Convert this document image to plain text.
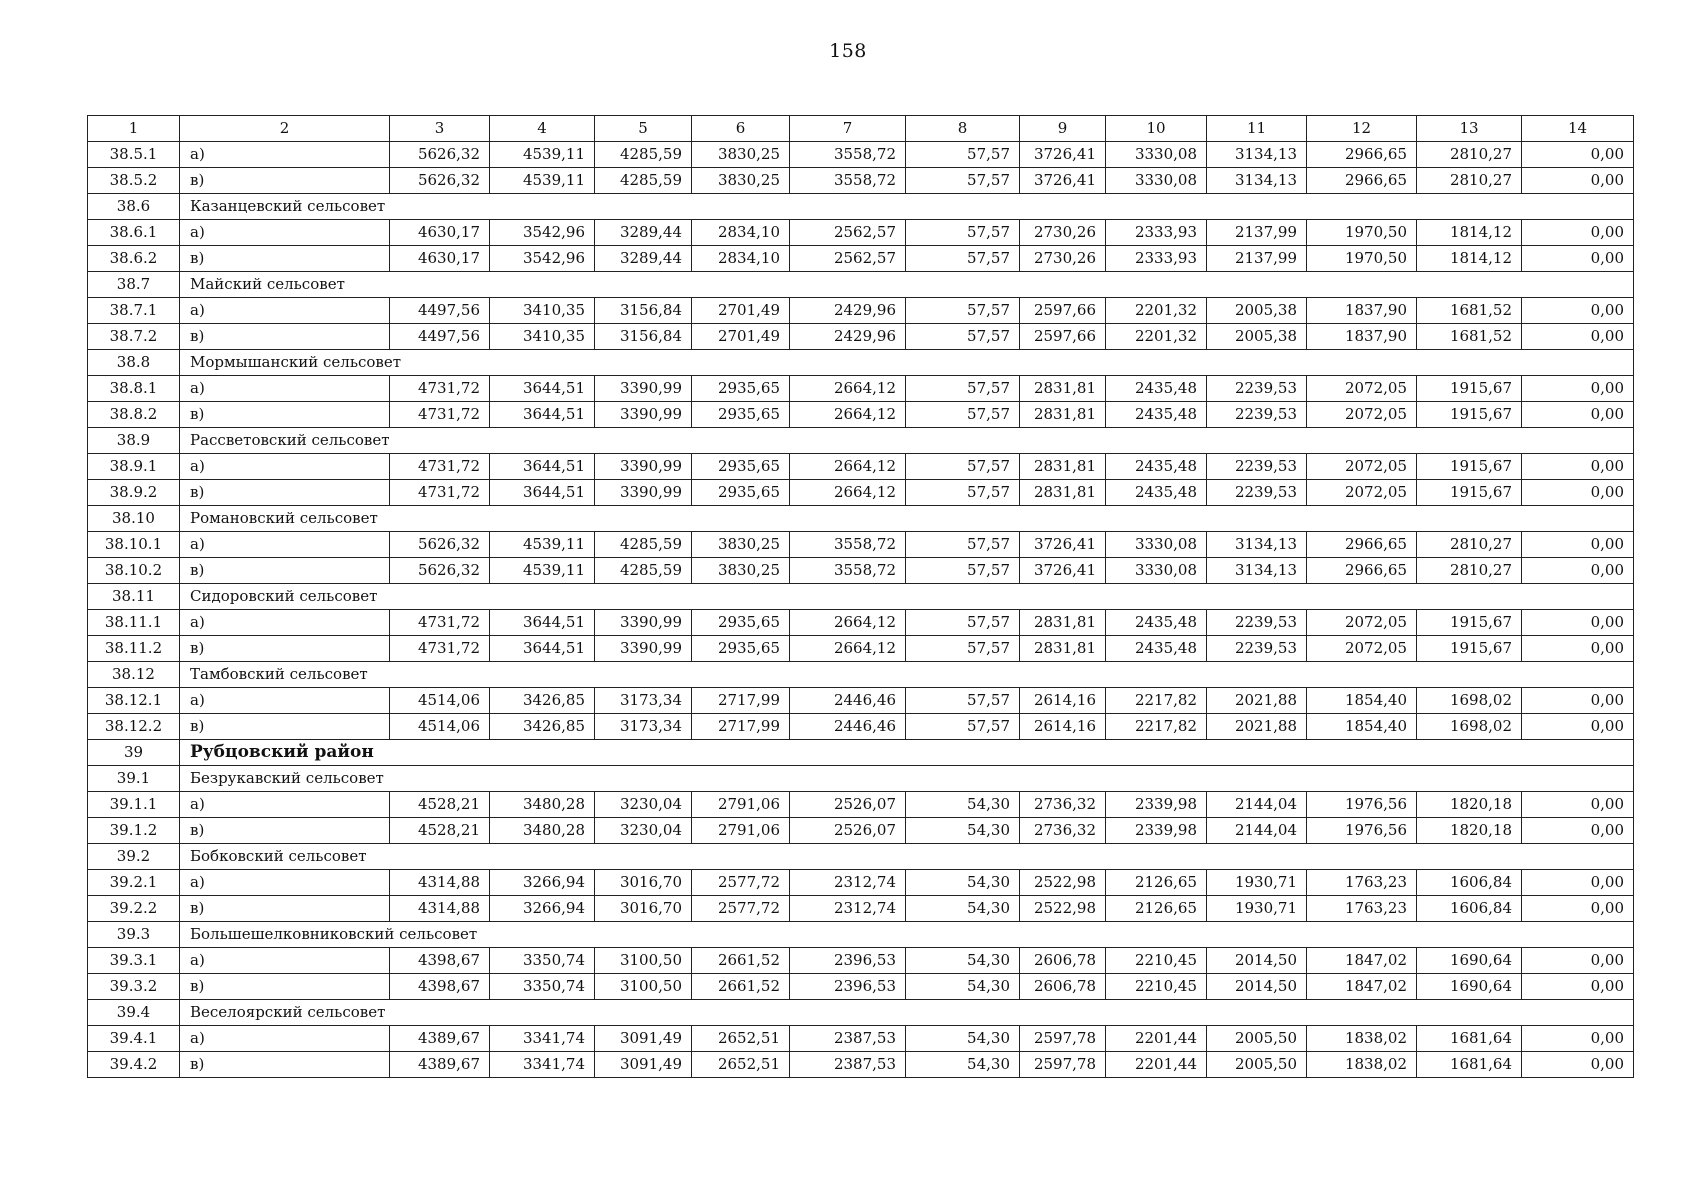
158
1	2	3	4	5	6	7	8	9	10	11	12	13	14
38.5.1	а)	5626,32	4539,11	4285,59	3830,25	3558,72	57,57	3726,41	3330,08	3134,13	2966,65	2810,27	0,00
38.5.2	в)	5626,32	4539,11	4285,59	3830,25	3558,72	57,57	3726,41	3330,08	3134,13	2966,65	2810,27	0,00
38.6	Казанцевский сельсовет												
38.6.1	а)	4630,17	3542,96	3289,44	2834,10	2562,57	57,57	2730,26	2333,93	2137,99	1970,50	1814,12	0,00
38.6.2	в)	4630,17	3542,96	3289,44	2834,10	2562,57	57,57	2730,26	2333,93	2137,99	1970,50	1814,12	0,00
38.7	Майский сельсовет												
38.7.1	а)	4497,56	3410,35	3156,84	2701,49	2429,96	57,57	2597,66	2201,32	2005,38	1837,90	1681,52	0,00
38.7.2	в)	4497,56	3410,35	3156,84	2701,49	2429,96	57,57	2597,66	2201,32	2005,38	1837,90	1681,52	0,00
38.8	Мормышанский сельсовет												
38.8.1	а)	4731,72	3644,51	3390,99	2935,65	2664,12	57,57	2831,81	2435,48	2239,53	2072,05	1915,67	0,00
38.8.2	в)	4731,72	3644,51	3390,99	2935,65	2664,12	57,57	2831,81	2435,48	2239,53	2072,05	1915,67	0,00
38.9	Рассветовский сельсовет												
38.9.1	а)	4731,72	3644,51	3390,99	2935,65	2664,12	57,57	2831,81	2435,48	2239,53	2072,05	1915,67	0,00
38.9.2	в)	4731,72	3644,51	3390,99	2935,65	2664,12	57,57	2831,81	2435,48	2239,53	2072,05	1915,67	0,00
38.10	Романовский сельсовет												
38.10.1	а)	5626,32	4539,11	4285,59	3830,25	3558,72	57,57	3726,41	3330,08	3134,13	2966,65	2810,27	0,00
38.10.2	в)	5626,32	4539,11	4285,59	3830,25	3558,72	57,57	3726,41	3330,08	3134,13	2966,65	2810,27	0,00
38.11	Сидоровский сельсовет												
38.11.1	а)	4731,72	3644,51	3390,99	2935,65	2664,12	57,57	2831,81	2435,48	2239,53	2072,05	1915,67	0,00
38.11.2	в)	4731,72	3644,51	3390,99	2935,65	2664,12	57,57	2831,81	2435,48	2239,53	2072,05	1915,67	0,00
38.12	Тамбовский сельсовет												
38.12.1	а)	4514,06	3426,85	3173,34	2717,99	2446,46	57,57	2614,16	2217,82	2021,88	1854,40	1698,02	0,00
38.12.2	в)	4514,06	3426,85	3173,34	2717,99	2446,46	57,57	2614,16	2217,82	2021,88	1854,40	1698,02	0,00
39	Рубцовский район												
39.1	Безрукавский сельсовет												
39.1.1	а)	4528,21	3480,28	3230,04	2791,06	2526,07	54,30	2736,32	2339,98	2144,04	1976,56	1820,18	0,00
39.1.2	в)	4528,21	3480,28	3230,04	2791,06	2526,07	54,30	2736,32	2339,98	2144,04	1976,56	1820,18	0,00
39.2	Бобковский сельсовет												
39.2.1	а)	4314,88	3266,94	3016,70	2577,72	2312,74	54,30	2522,98	2126,65	1930,71	1763,23	1606,84	0,00
39.2.2	в)	4314,88	3266,94	3016,70	2577,72	2312,74	54,30	2522,98	2126,65	1930,71	1763,23	1606,84	0,00
39.3	Большешелковниковский сельсовет												
39.3.1	а)	4398,67	3350,74	3100,50	2661,52	2396,53	54,30	2606,78	2210,45	2014,50	1847,02	1690,64	0,00
39.3.2	в)	4398,67	3350,74	3100,50	2661,52	2396,53	54,30	2606,78	2210,45	2014,50	1847,02	1690,64	0,00
39.4	Веселоярский сельсовет												
39.4.1	а)	4389,67	3341,74	3091,49	2652,51	2387,53	54,30	2597,78	2201,44	2005,50	1838,02	1681,64	0,00
39.4.2	в)	4389,67	3341,74	3091,49	2652,51	2387,53	54,30	2597,78	2201,44	2005,50	1838,02	1681,64	0,00
